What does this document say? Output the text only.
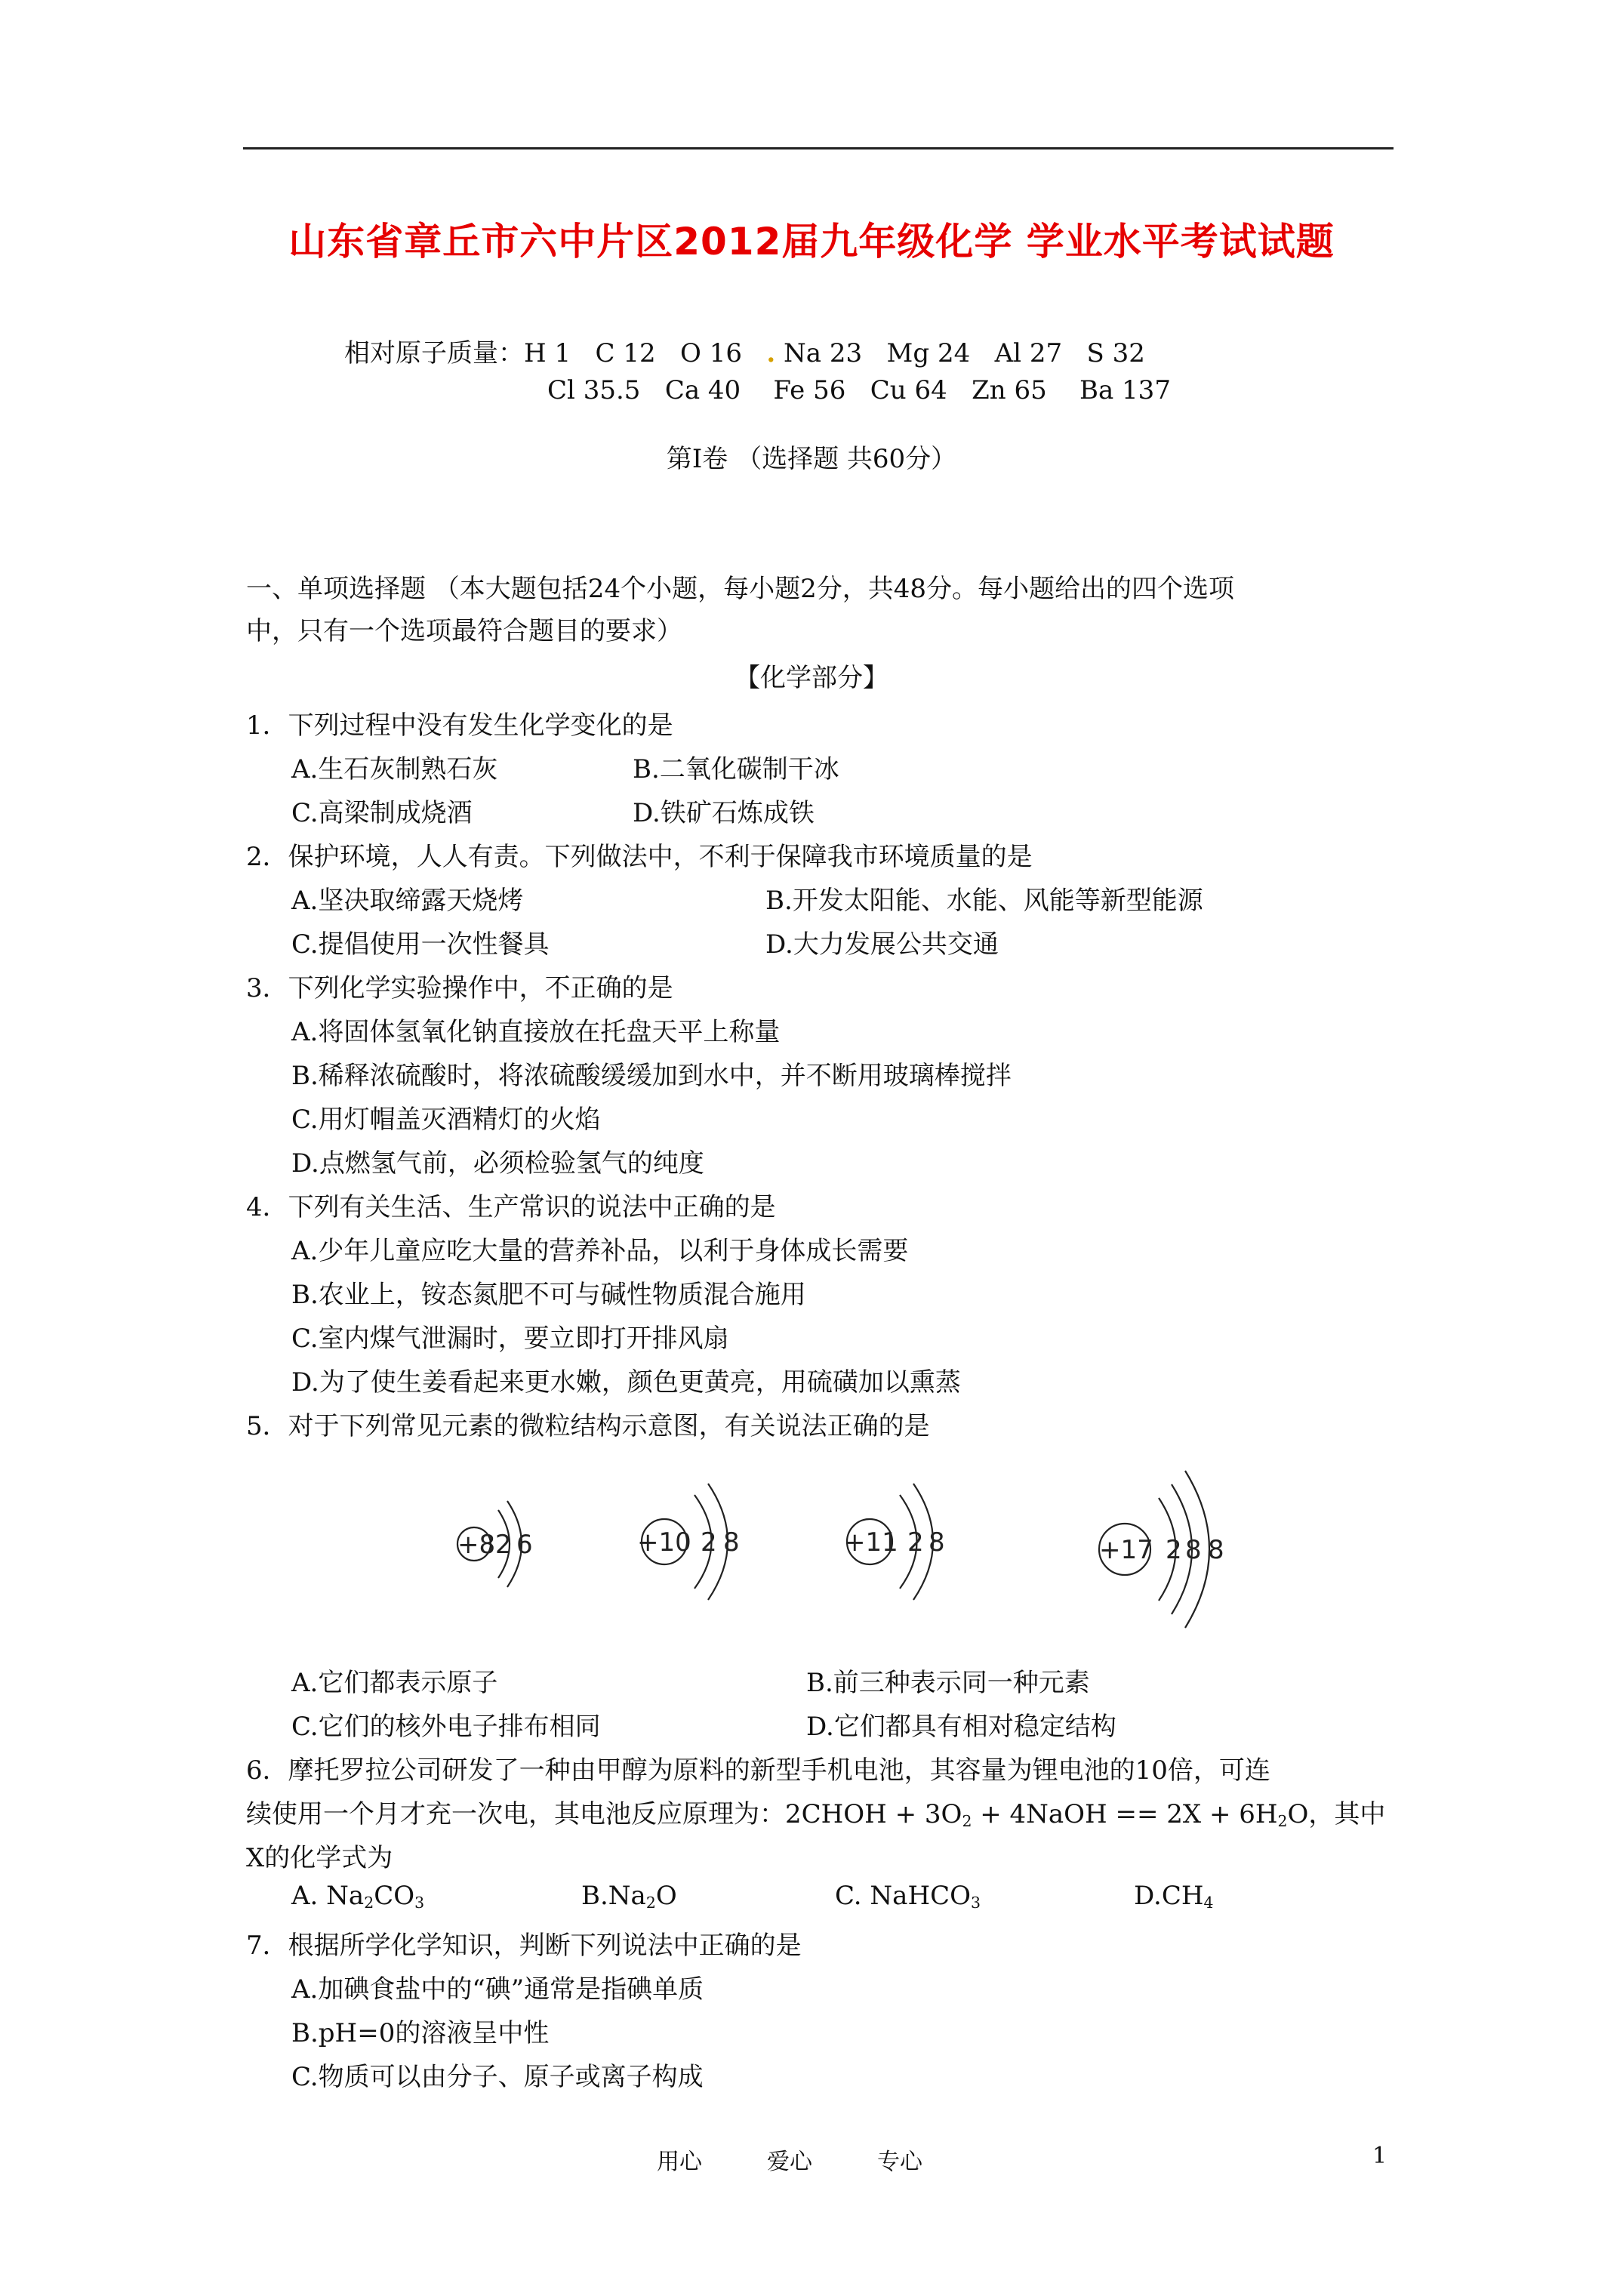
山东省章丘市六中片区2012届九年级化学 学业水平考试试题
相对原子质量：H 1   C 12   O 16   . Na 23   Mg 24   Al 27   S 32
Cl 35.5   Ca 40    Fe 56   Cu 64   Zn 65    Ba 137
第Ⅰ卷 （选择题 共60分）
一、单项选择题 （本大题包括24个小题，每小题2分，共48分。每小题给出的四个选项
中，只有一个选项最符合题目的要求）
【化学部分】
1．下列过程中没有发生化学变化的是
A.生石灰制熟石灰	B.二氧化碳制干冰
C.高梁制成烧酒	D.铁矿石炼成铁
2．保护环境，人人有责。下列做法中，不利于保障我市环境质量的是
A.坚决取缔露天烧烤	B.开发太阳能、水能、风能等新型能源
C.提倡使用一次性餐具	D.大力发展公共交通
3．下列化学实验操作中，不正确的是
A.将固体氢氧化钠直接放在托盘天平上称量
B.稀释浓硫酸时，将浓硫酸缓缓加到水中，并不断用玻璃棒搅拌
C.用灯帽盖灭酒精灯的火焰
D.点燃氢气前，必须检验氢气的纯度
4．下列有关生活、生产常识的说法中正确的是
A.少年儿童应吃大量的营养补品，以利于身体成长需要
B.农业上，铵态氮肥不可与碱性物质混合施用
C.室内煤气泄漏时，要立即打开排风扇
D.为了使生姜看起来更水嫩，颜色更黄亮，用硫磺加以熏蒸
5．对于下列常见元素的微粒结构示意图，有关说法正确的是
+8 2 6	+10 2 8	+11 2 8	+17 2 8 8
A.它们都表示原子	B.前三种表示同一种元素
C.它们的核外电子排布相同	D.它们都具有相对稳定结构
6．摩托罗拉公司研发了一种由甲醇为原料的新型手机电池，其容量为锂电池的10倍，可连
续使用一个月才充一次电，其电池反应原理为：2CHOH + $3O_2$ + 4NaOH == $2X + 6H_2O$，其中
X的化学式为
A. $Na_2CO_3$	$B.Na_2O$	C. NaHCO$_3$	$D.CH_4$
7．根据所学化学知识，判断下列说法中正确的是
A.加碘食盐中的“碘”通常是指碘单质
B.pH=0的溶液呈中性
C.物质可以由分子、原子或离子构成
用心	爱心	专心	1
